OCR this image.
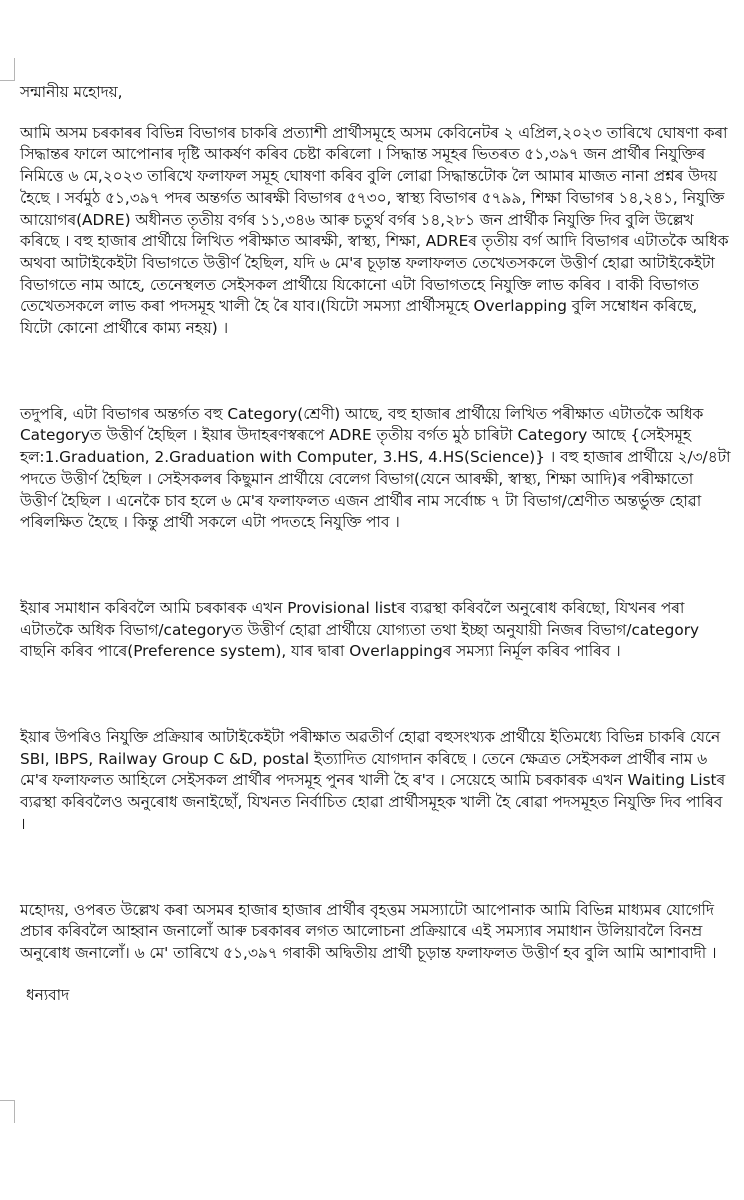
সন্মানীয় মহোদয়,

আমি অসম চৰকাৰৰ বিভিন্ন বিভাগৰ চাকৰি প্ৰত্যাশী প্ৰাৰ্থীসমূহে অসম কেবিনেটৰ ২ এপ্ৰিল,২০২৩ তাৰিখে ঘোষণা কৰা সিদ্ধান্তৰ ফালে আপোনাৰ দৃষ্টি আকৰ্ষণ কৰিব চেষ্টা কৰিলো । সিদ্ধান্ত সমূহৰ ভিতৰত ৫১,৩৯৭ জন প্ৰাৰ্থীৰ নিযুক্তিৰ নিমিত্তে ৬ মে,২০২৩ তাৰিখে ফলাফল সমূহ ঘোষণা কৰিব বুলি লোৱা সিদ্ধান্তটোক লৈ আমাৰ মাজত নানা প্ৰশ্নৰ উদয় হৈছে । সৰ্বমুঠ ৫১,৩৯৭ পদৰ অন্তৰ্গত আৰক্ষী বিভাগৰ ৫৭৩০, স্বাস্থ্য বিভাগৰ ৫৭৯৯, শিক্ষা বিভাগৰ ১৪,২৪১, নিযুক্তি আয়োগৰ(ADRE) অধীনত তৃতীয় বৰ্গৰ ১১,৩৪৬ আৰু চতুৰ্থ বৰ্গৰ ১৪,২৮১ জন প্ৰাৰ্থীক নিযুক্তি দিব বুলি উল্লেখ কৰিছে । বহু হাজাৰ প্ৰাৰ্থীয়ে লিখিত পৰীক্ষাত আৰক্ষী, স্বাস্থ্য, শিক্ষা, ADREৰ তৃতীয় বৰ্গ আদি বিভাগৰ এটাতকৈ অধিক অথবা আটাইকেইটা বিভাগতে উত্তীৰ্ণ হৈছিল, যদি ৬ মে'ৰ চূড়ান্ত ফলাফলত তেখেতসকলে উত্তীৰ্ণ হোৱা আটাইকেইটা বিভাগতে নাম আহে, তেনেস্থলত সেইসকল প্ৰাৰ্থীয়ে যিকোনো এটা বিভাগতহে নিযুক্তি লাভ কৰিব । বাকী বিভাগত তেখেতসকলে লাভ কৰা পদসমূহ খালী হৈ ৰৈ যাব।(যিটো সমস্যা প্ৰাৰ্থীসমূহে Overlapping বুলি সম্বোধন কৰিছে, যিটো কোনো প্ৰাৰ্থীৰে কাম্য নহয়) ।

তদুপৰি, এটা বিভাগৰ অন্তৰ্গত বহু Category(শ্ৰেণী) আছে, বহু হাজাৰ প্ৰাৰ্থীয়ে লিখিত পৰীক্ষাত এটাতকৈ অধিক Categoryত উত্তীৰ্ণ হৈছিল । ইয়াৰ উদাহৰণস্বৰূপে ADRE তৃতীয় বৰ্গত মুঠ চাৰিটা Category আছে {সেইসমূহ হল:1.Graduation, 2.Graduation with Computer, 3.HS, 4.HS(Science)} । বহু হাজাৰ প্ৰাৰ্থীয়ে ২/৩/৪টা পদতে উত্তীৰ্ণ হৈছিল । সেইসকলৰ কিছুমান প্ৰাৰ্থীয়ে বেলেগ বিভাগ(যেনে আৰক্ষী, স্বাস্থ্য, শিক্ষা আদি)ৰ পৰীক্ষাতো উত্তীৰ্ণ হৈছিল । এনেকৈ চাব হলে ৬ মে'ৰ ফলাফলত এজন প্ৰাৰ্থীৰ নাম সৰ্বোচ্চ ৭ টা বিভাগ/শ্ৰেণীত অন্তৰ্ভুক্ত হোৱা পৰিলক্ষিত হৈছে । কিন্তু প্ৰাৰ্থী সকলে এটা পদতহে নিযুক্তি পাব ।

ইয়াৰ সমাধান কৰিবলৈ আমি চৰকাৰক এখন Provisional listৰ ব্যৱস্থা কৰিবলৈ অনুৰোধ কৰিছো, যিখনৰ পৰা এটাতকৈ অধিক বিভাগ/categoryত উত্তীৰ্ণ হোৱা প্ৰাৰ্থীয়ে যোগ্যতা তথা ইচ্ছা অনুযায়ী নিজৰ বিভাগ/category বাছনি কৰিব পাৰে(Preference system), যাৰ দ্বাৰা Overlappingৰ সমস্যা নিৰ্মূল কৰিব পাৰিব ।

ইয়াৰ উপৰিও নিযুক্তি প্ৰক্ৰিয়াৰ আটাইকেইটা পৰীক্ষাত অৱতীৰ্ণ হোৱা বহুসংখ্যক প্ৰাৰ্থীয়ে ইতিমধ্যে বিভিন্ন চাকৰি যেনে SBI, IBPS, Railway Group C &D, postal ইত্যাদিত যোগদান কৰিছে । তেনে ক্ষেত্ৰত সেইসকল প্ৰাৰ্থীৰ নাম ৬ মে'ৰ ফলাফলত আহিলে সেইসকল প্ৰাৰ্থীৰ পদসমূহ পুনৰ খালী হৈ ৰ'ব । সেয়েহে আমি চৰকাৰক এখন Waiting Listৰ ব্যৱস্থা কৰিবলৈও অনুৰোধ জনাইছোঁ, যিখনত নিৰ্বাচিত হোৱা প্ৰাৰ্থীসমূহক খালী হৈ ৰোৱা পদসমূহত নিযুক্তি দিব পাৰিব ।

মহোদয়, ওপৰত উল্লেখ কৰা অসমৰ হাজাৰ হাজাৰ প্ৰাৰ্থীৰ বৃহত্তম সমস্যাটো আপোনাক আমি বিভিন্ন মাধ্যমৰ যোগেদি প্ৰচাৰ কৰিবলৈ আহ্বান জনালোঁ আৰু চৰকাৰৰ লগত আলোচনা প্ৰক্ৰিয়াৰে এই সমস্যাৰ সমাধান উলিয়াবলৈ বিনম্ৰ অনুৰোধ জনালোঁ। ৬ মে' তাৰিখে ৫১,৩৯৭ গৰাকী অদ্বিতীয় প্ৰাৰ্থী চূড়ান্ত ফলাফলত উত্তীৰ্ণ হব বুলি আমি আশাবাদী ।

ধন্যবাদ
